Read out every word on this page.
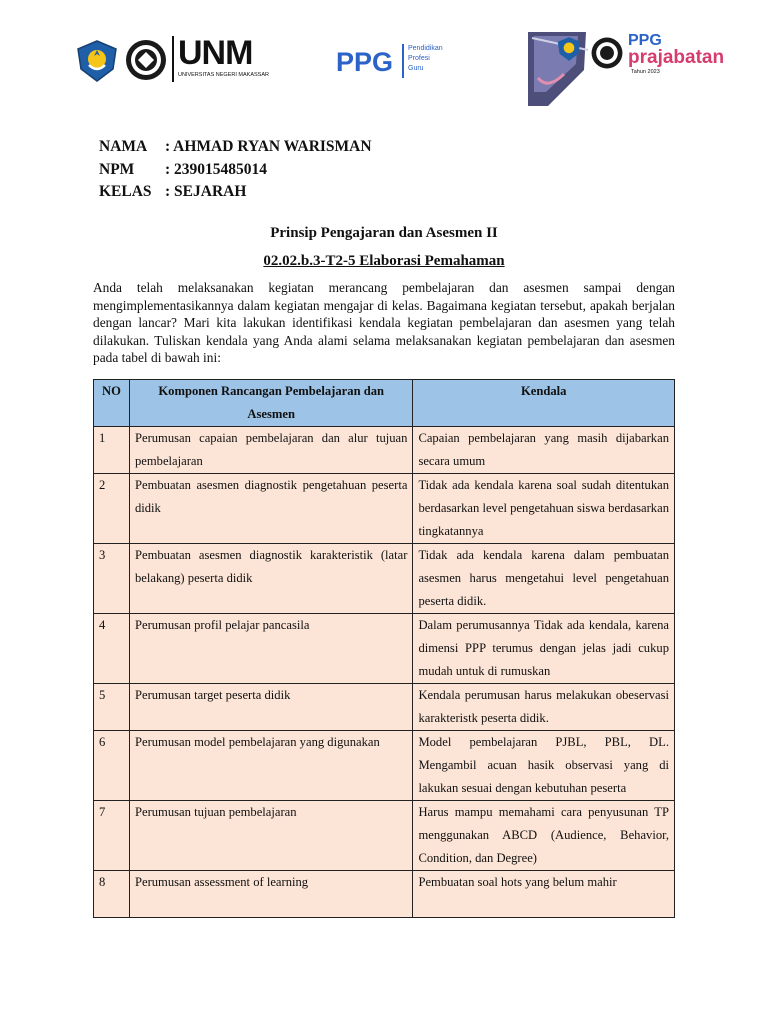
UNM
UNIVERSITAS NEGERI MAKASSAR PPG Pendidikan
Profesi
Guru
PPG
prajabatan
Tahun 2023
NAMA	: AHMAD RYAN WARISMAN
NPM	: 239015485014
KELAS : SEJARAH
Prinsip Pengajaran dan Asesmen II
02.02.b.3-T2-5 Elaborasi Pemahaman
Anda telah melaksanakan kegiatan merancang pembelajaran dan asesmen sampai dengan mengimplementasikannya dalam kegiatan mengajar di kelas. Bagaimana kegiatan tersebut, apakah berjalan dengan lancar? Mari kita lakukan identifikasi kendala kegiatan pembelajaran dan asesmen yang telah dilakukan. Tuliskan kendala yang Anda alami selama melaksanakan kegiatan pembelajaran dan asesmen pada tabel di bawah ini:
NO	Komponen Rancangan Pembelajaran dan Asesmen	Kendala
1	Perumusan capaian pembelajaran dan alur tujuan pembelajaran	Capaian pembelajaran yang masih dijabarkan secara umum
2	Pembuatan asesmen diagnostik pengetahuan peserta didik	Tidak ada kendala karena soal sudah ditentukan berdasarkan level pengetahuan siswa berdasarkan tingkatannya
3	Pembuatan asesmen diagnostik karakteristik (latar belakang) peserta didik	Tidak ada kendala karena dalam pembuatan asesmen harus mengetahui level pengetahuan peserta didik.
4	Perumusan profil pelajar pancasila	Dalam perumusannya Tidak ada kendala, karena dimensi PPP terumus dengan jelas jadi cukup mudah untuk di rumuskan
5	Perumusan target peserta didik	Kendala perumusan harus melakukan obeservasi karakteristk peserta didik.
6	Perumusan model pembelajaran yang digunakan	Model pembelajaran PJBL, PBL, DL. Mengambil acuan hasik observasi yang di lakukan sesuai dengan kebutuhan peserta
7	Perumusan tujuan pembelajaran	Harus mampu memahami cara penyusunan TP menggunakan ABCD (Audience, Behavior, Condition, dan Degree)
8	Perumusan assessment of learning	Pembuatan soal hots yang belum mahir
